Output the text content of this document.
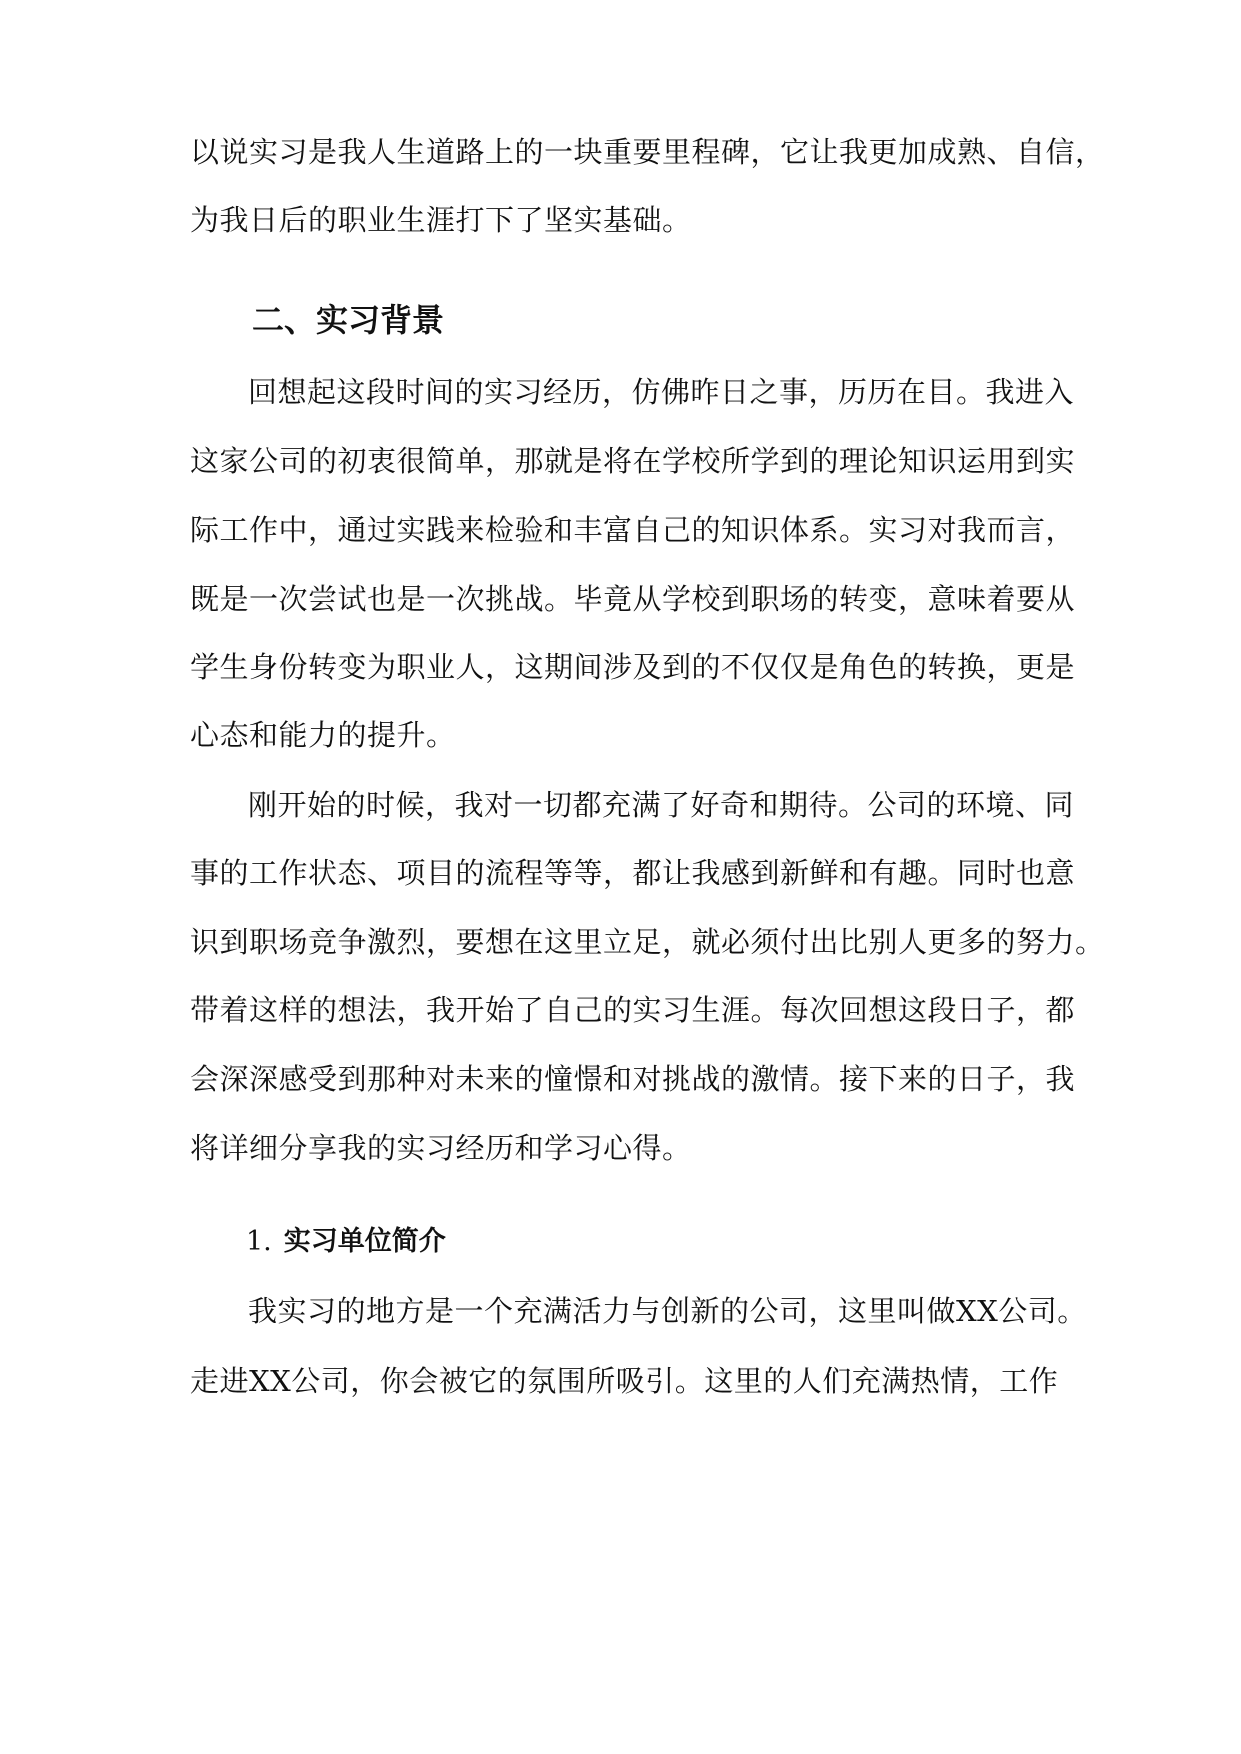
以说实习是我人生道路上的一块重要里程碑，它让我更加成熟、自信，
为我日后的职业生涯打下了坚实基础。
二、实习背景
回想起这段时间的实习经历，仿佛昨日之事，历历在目。我进入
这家公司的初衷很简单，那就是将在学校所学到的理论知识运用到实
际工作中，通过实践来检验和丰富自己的知识体系。实习对我而言，
既是一次尝试也是一次挑战。毕竟从学校到职场的转变，意味着要从
学生身份转变为职业人，这期间涉及到的不仅仅是角色的转换，更是
心态和能力的提升。
刚开始的时候，我对一切都充满了好奇和期待。公司的环境、同
事的工作状态、项目的流程等等，都让我感到新鲜和有趣。同时也意
识到职场竞争激烈，要想在这里立足，就必须付出比别人更多的努力。
带着这样的想法，我开始了自己的实习生涯。每次回想这段日子，都
会深深感受到那种对未来的憧憬和对挑战的激情。接下来的日子，我
将详细分享我的实习经历和学习心得。
1. 实习单位简介
我实习的地方是一个充满活力与创新的公司，这里叫做XX公司。
走进XX公司，你会被它的氛围所吸引。这里的人们充满热情，工作
